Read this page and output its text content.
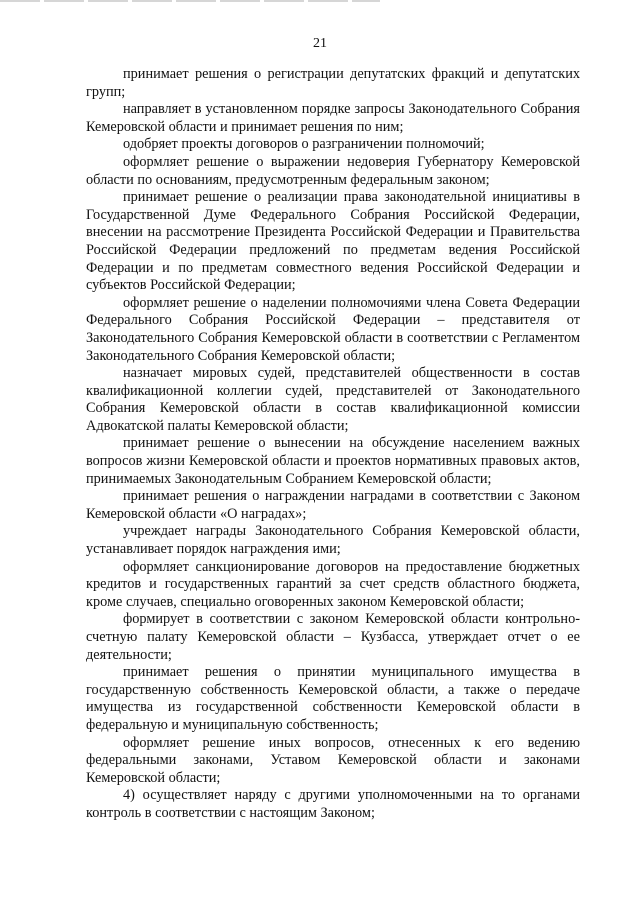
21

принимает решения о регистрации депутатских фракций и депутатских групп;

направляет в установленном порядке запросы Законодательного Собрания Кемеровской области и принимает решения по ним;

одобряет проекты договоров о разграничении полномочий;

оформляет решение о выражении недоверия Губернатору Кемеровской области по основаниям, предусмотренным федеральным законом;

принимает решение о реализации права законодательной инициативы в Государственной Думе Федерального Собрания Российской Федерации, внесении на рассмотрение Президента Российской Федерации и Правительства Российской Федерации предложений по предметам ведения Российской Федерации и по предметам совместного ведения Российской Федерации и субъектов Российской Федерации;

оформляет решение о наделении полномочиями члена Совета Федерации Федерального Собрания Российской Федерации – представителя от Законодательного Собрания Кемеровской области в соответствии с Регламентом Законодательного Собрания Кемеровской области;

назначает мировых судей, представителей общественности в состав квалификационной коллегии судей, представителей от Законодательного Собрания Кемеровской области в состав квалификационной комиссии Адвокатской палаты Кемеровской области;

принимает решение о вынесении на обсуждение населением важных вопросов жизни Кемеровской области и проектов нормативных правовых актов, принимаемых Законодательным Собранием Кемеровской области;

принимает решения о награждении наградами в соответствии с Законом Кемеровской области «О наградах»;

учреждает награды Законодательного Собрания Кемеровской области, устанавливает порядок награждения ими;

оформляет санкционирование договоров на предоставление бюджетных кредитов и государственных гарантий за счет средств областного бюджета, кроме случаев, специально оговоренных законом Кемеровской области;

формирует в соответствии с законом Кемеровской области контрольно-счетную палату Кемеровской области – Кузбасса, утверждает отчет о ее деятельности;

принимает решения о принятии муниципального имущества в государственную собственность Кемеровской области, а также о передаче имущества из государственной собственности Кемеровской области в федеральную и муниципальную собственность;

оформляет решение иных вопросов, отнесенных к его ведению федеральными законами, Уставом Кемеровской области и законами Кемеровской области;

4) осуществляет наряду с другими уполномоченными на то органами контроль в соответствии с настоящим Законом;
